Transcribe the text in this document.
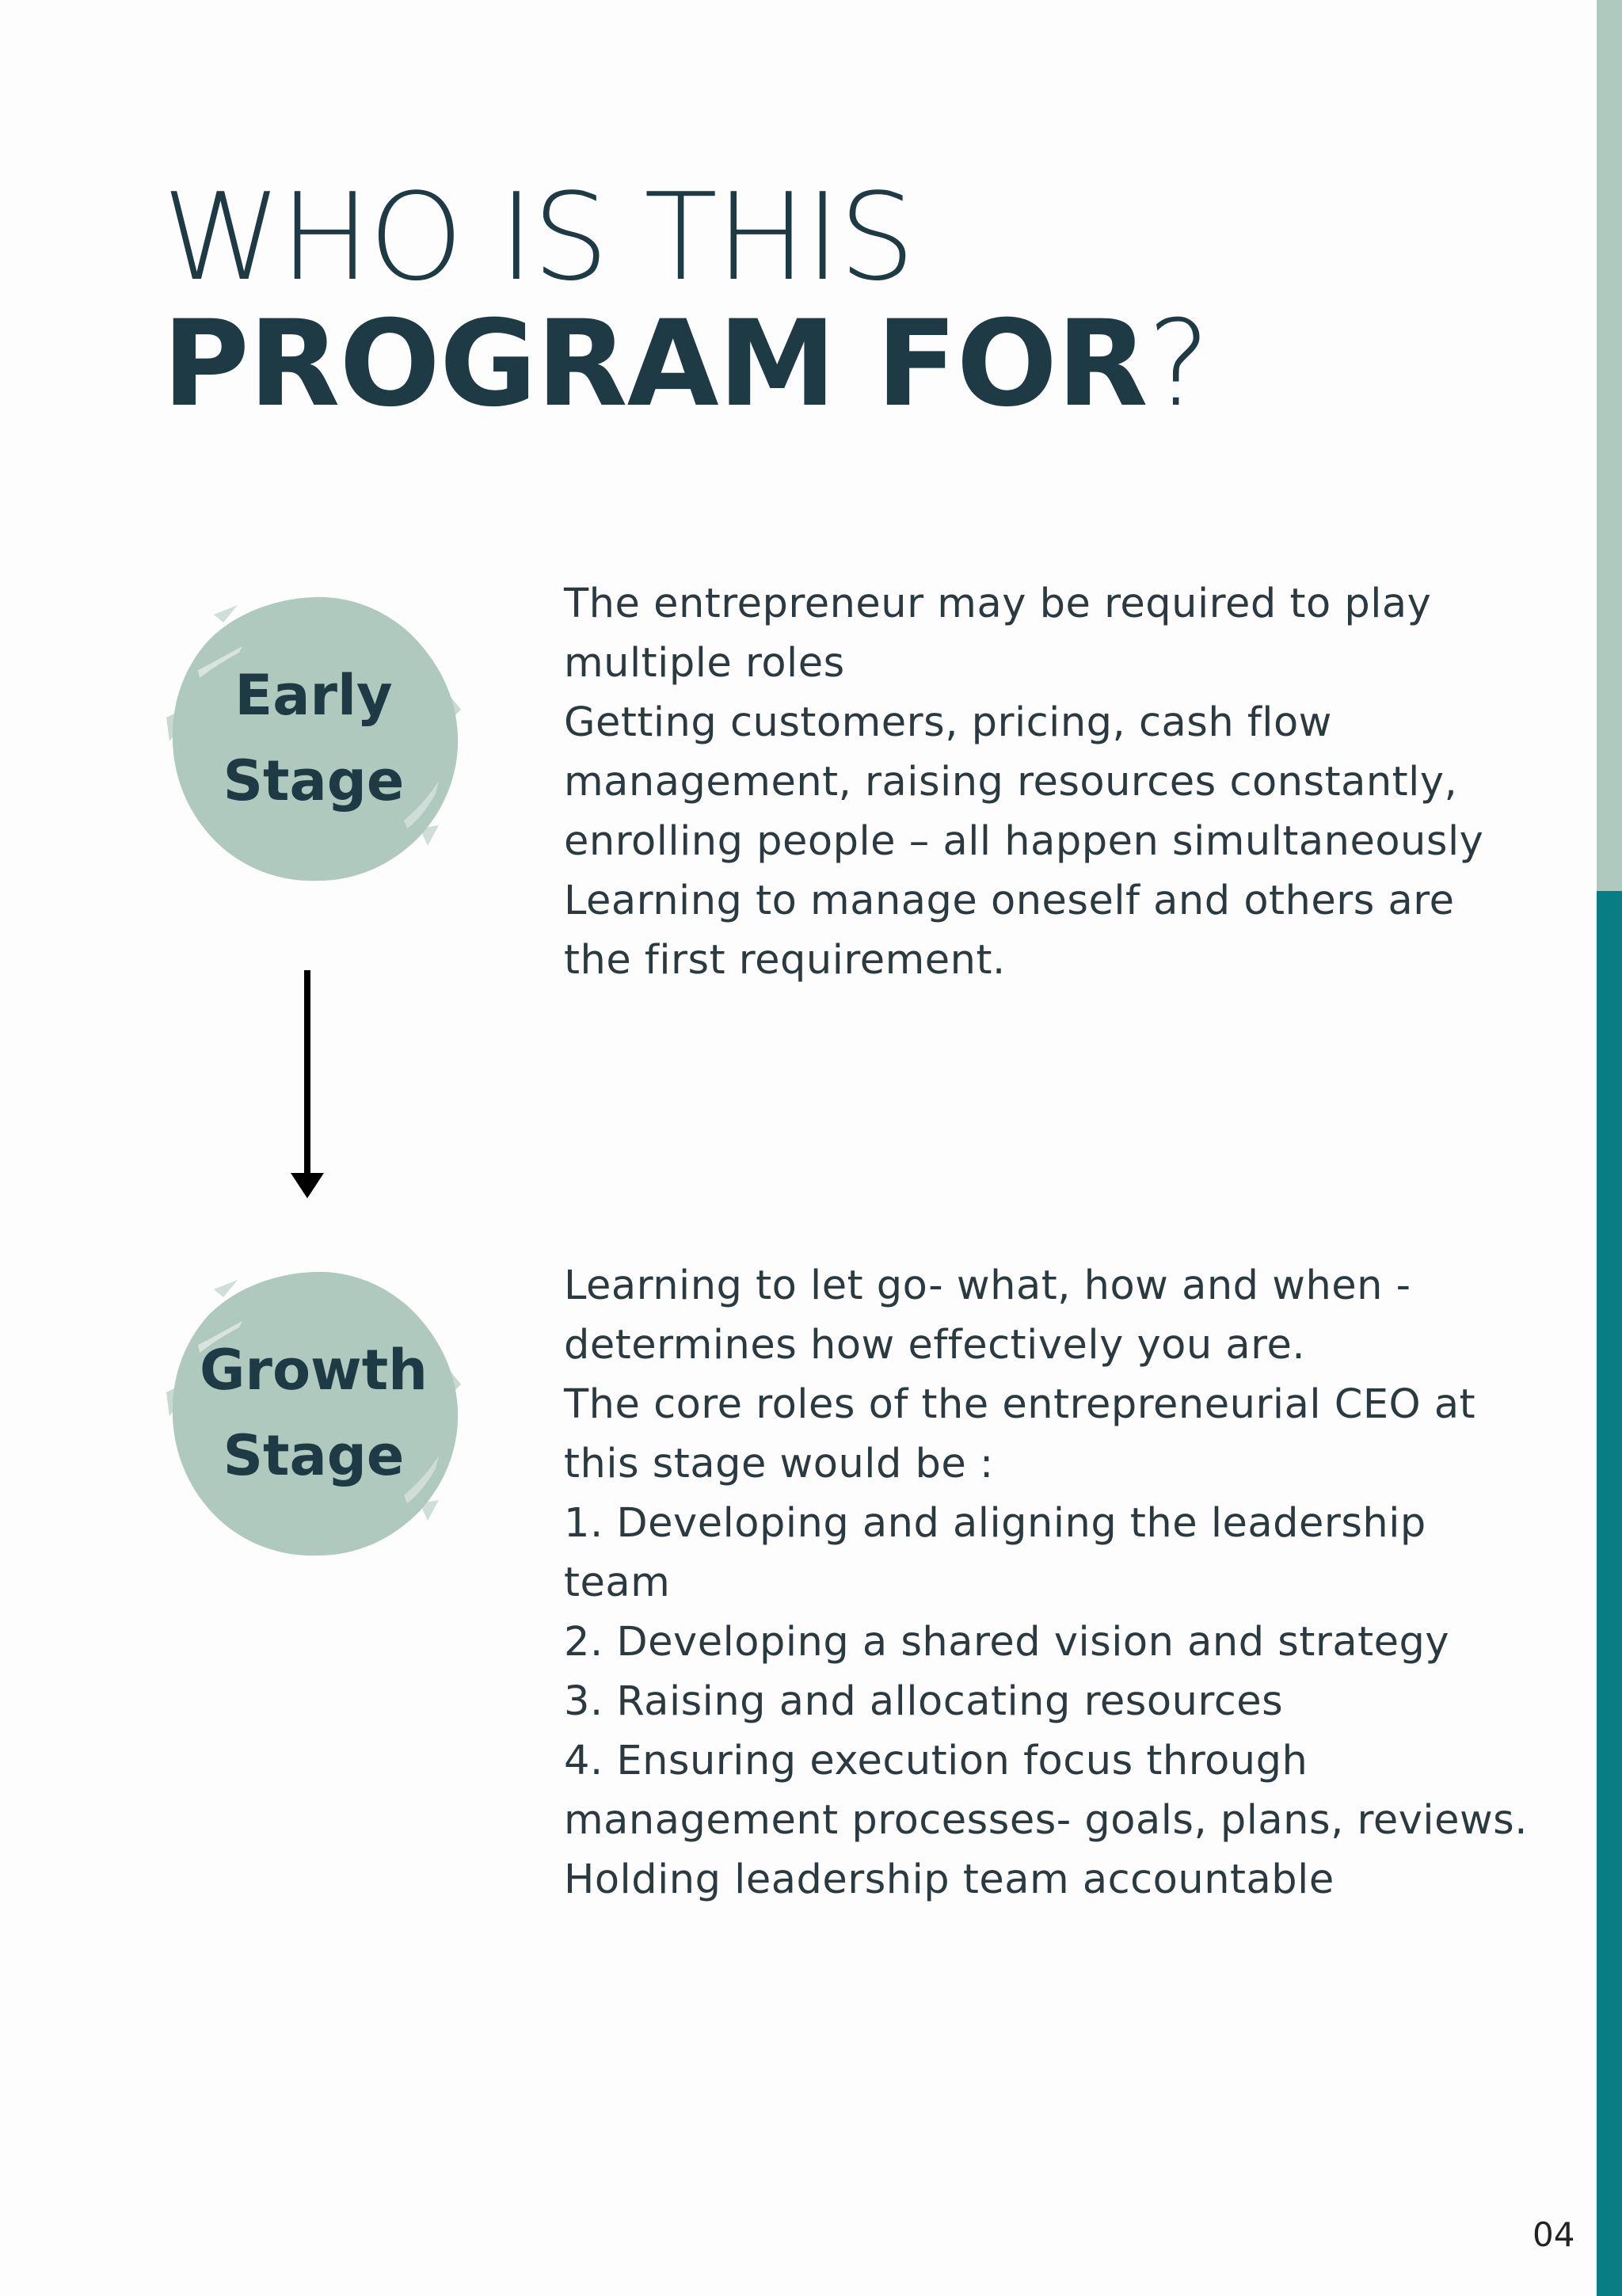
WHO IS THIS
PROGRAM FOR?
Early
Stage
Growth
Stage
The entrepreneur may be required to play
multiple roles
Getting customers, pricing, cash flow
management, raising resources constantly,
enrolling people – all happen simultaneously
Learning to manage oneself and others are
the first requirement.
Learning to let go- what, how and when -
determines how effectively you are.
The core roles of the entrepreneurial CEO at
this stage would be :
1. Developing and aligning the leadership
team
2. Developing a shared vision and strategy
3. Raising and allocating resources
4. Ensuring execution focus through
management processes- goals, plans, reviews.
Holding leadership team accountable
04
